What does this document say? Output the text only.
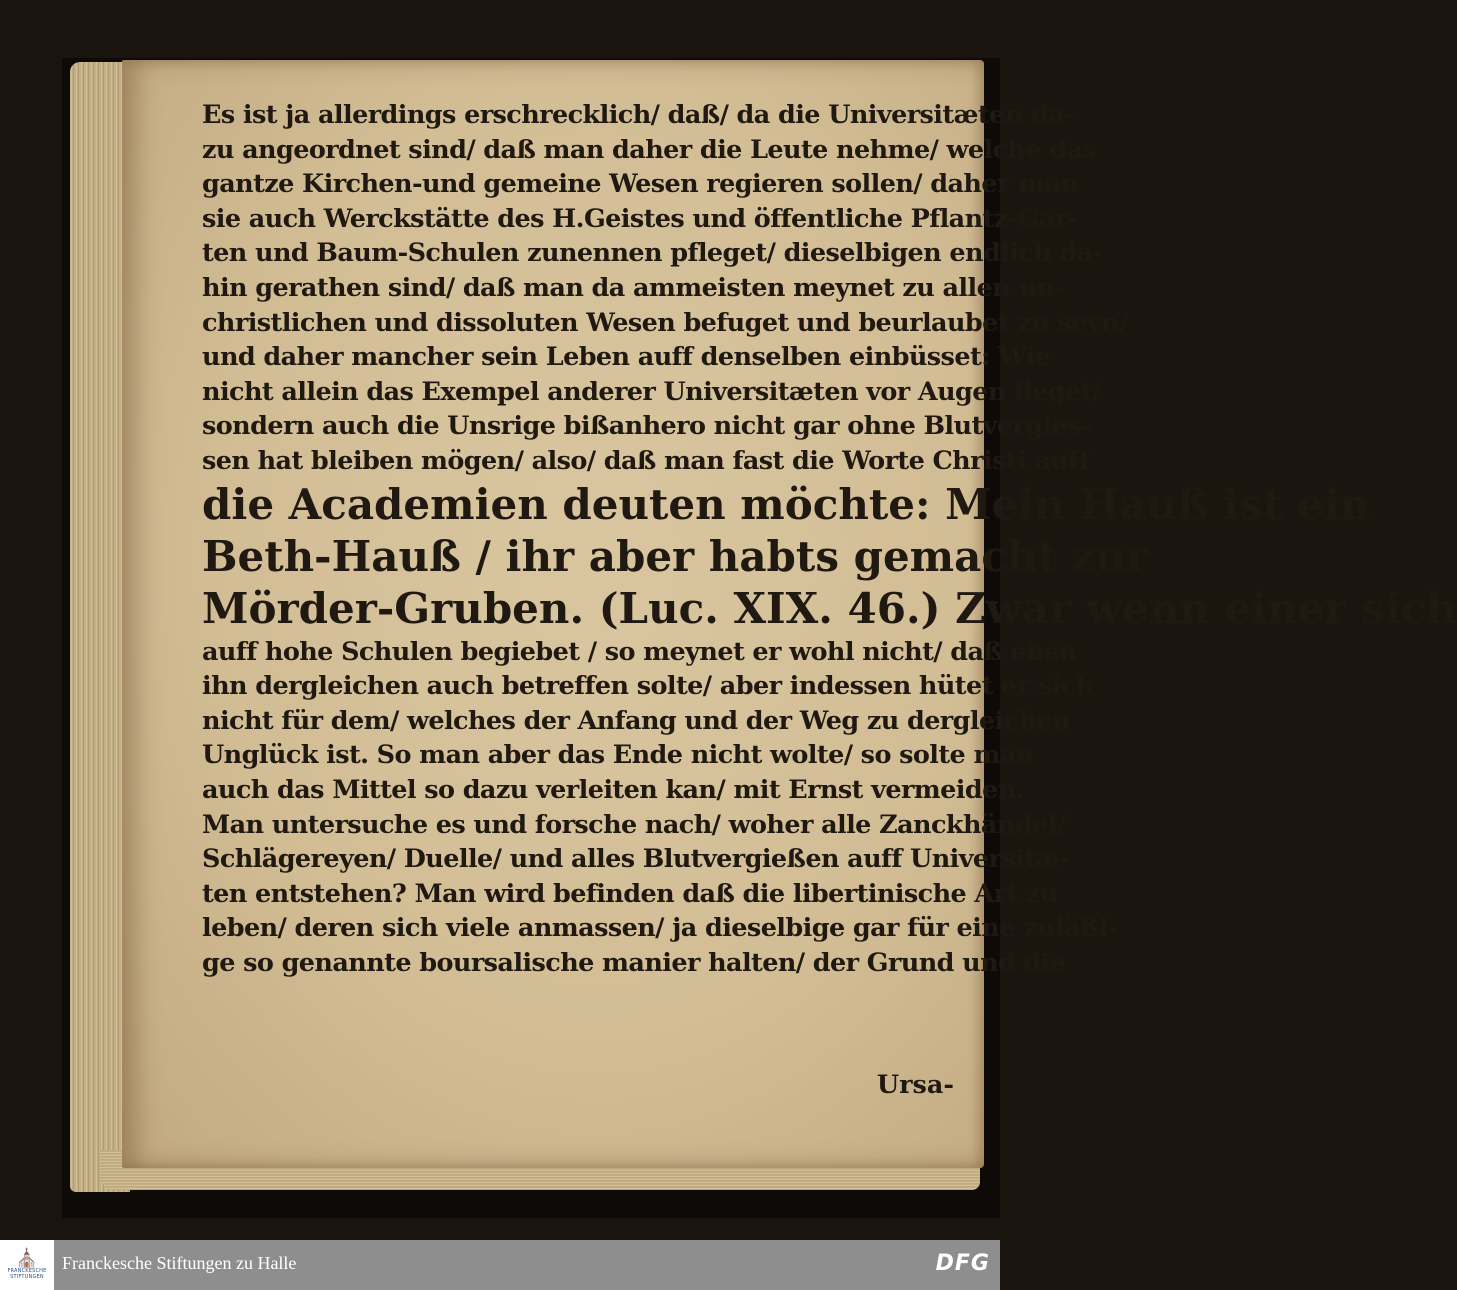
Es ist ja allerdings erschrecklich/ daß/ da die Universitæten da-
zu angeordnet sind/ daß man daher die Leute nehme/ welche das
gantze Kirchen-und gemeine Wesen regieren sollen/ daher man
sie auch Werckstätte des H.Geistes und öffentliche Pflantz-Gar-
ten und Baum-Schulen zunennen pfleget/ dieselbigen endlich da-
hin gerathen sind/ daß man da ammeisten meynet zu allen un-
christlichen und dissoluten Wesen befuget und beurlaubet zu seyn/
und daher mancher sein Leben auff denselben einbüsset: Wie
nicht allein das Exempel anderer Universitæten vor Augen lieget/
sondern auch die Unsrige bißanhero nicht gar ohne Blutvergies-
sen hat bleiben mögen/ also/ daß man fast die Worte Christi auff
die Academien deuten möchte: Mein Hauß ist ein
Beth-Hauß / ihr aber habts gemacht zur
Mörder-Gruben. (Luc. XIX. 46.) Zwar wenn einer sich
auff hohe Schulen begiebet / so meynet er wohl nicht/ daß eben
ihn dergleichen auch betreffen solte/ aber indessen hütet er sich
nicht für dem/ welches der Anfang und der Weg zu dergleichen
Unglück ist. So man aber das Ende nicht wolte/ so solte man
auch das Mittel so dazu verleiten kan/ mit Ernst vermeiden.
Man untersuche es und forsche nach/ woher alle Zanckhändel/
Schlägereyen/ Duelle/ und alles Blutvergießen auff Universitæ-
ten entstehen? Man wird befinden daß die libertinische Art zu
leben/ deren sich viele anmassen/ ja dieselbige gar für eine zuläßi-
ge so genannte boursalische manier halten/ der Grund und die
Ursa-
⛪
FRANCKESCHE STIFTUNGEN
Franckesche Stiftungen zu Halle	DFG
